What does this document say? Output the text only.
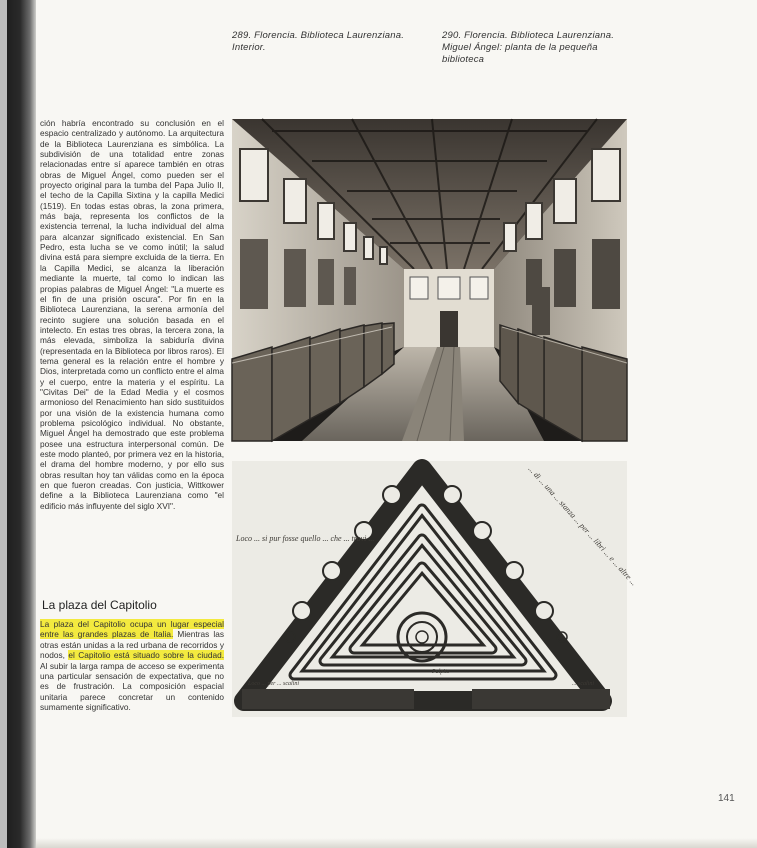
289. Florencia. Biblioteca Laurenziana. Interior.
290. Florencia. Biblioteca Laurenziana. Miguel Ángel: planta de la pequeña biblioteca

ción habría encontrado su conclusión en el espacio centralizado y autónomo. La arquitectura de la Biblioteca Laurenziana es simbólica. La subdivisión de una totalidad entre zonas relacionadas entre sí aparece también en otras obras de Miguel Ángel, como pueden ser el proyecto original para la tumba del Papa Julio II, el techo de la Capilla Sixtina y la capilla Medici (1519). En todas estas obras, la zona primera, más baja, representa los conflictos de la existencia terrenal, la lucha individual del alma para alcanzar significado existencial. En San Pedro, esta lucha se ve como inútil; la salud divina está para siempre excluida de la tierra. En la Capilla Medici, se alcanza la liberación mediante la muerte, tal como lo indican las propias palabras de Miguel Ángel: "La muerte es el fin de una prisión oscura". Por fin en la Biblioteca Laurenziana, la serena armonía del recinto sugiere una solución basada en el intelecto. En estas tres obras, la tercera zona, la más elevada, simboliza la sabiduría divina (representada en la Biblioteca por libros raros). El tema general es la relación entre el hombre y Dios, interpretada como un conflicto entre el alma y el cuerpo, entre la materia y el espíritu. La "Civitas Dei" de la Edad Media y el cosmos armonioso del Renacimiento han sido sustituidos por una visión de la existencia humana como problema psicológico individual. No obstante, Miguel Ángel ha demostrado que este problema posee una estructura interpersonal común. De este modo planteó, por primera vez en la historia, el drama del hombre moderno, y por ello sus obras resultan hoy tan válidas como en la época en que fueron creadas. Con justicia, Wittkower define a la Biblioteca Laurenziana como "el edificio más influyente del siglo XVI".

La plaza del Capitolio
La plaza del Capitolio ocupa un lugar especial entre las grandes plazas de Italia. Mientras las otras están unidas a la red urbana de recorridos y nodos, el Capitolio está situado sobre la ciudad. Al subir la larga rampa de acceso se experimenta una particular sensación de expectativa, que no es de frustración. La composición espacial unitaria parece concretar un contenido sumamente significativo.
Loco ... si pur fosse quello ... che ... trovi ...	... di ... una ... stanza ... per ... libri ... e ... altre ...
Pulpito
Loco ... per ... scalini	... scalini
141
